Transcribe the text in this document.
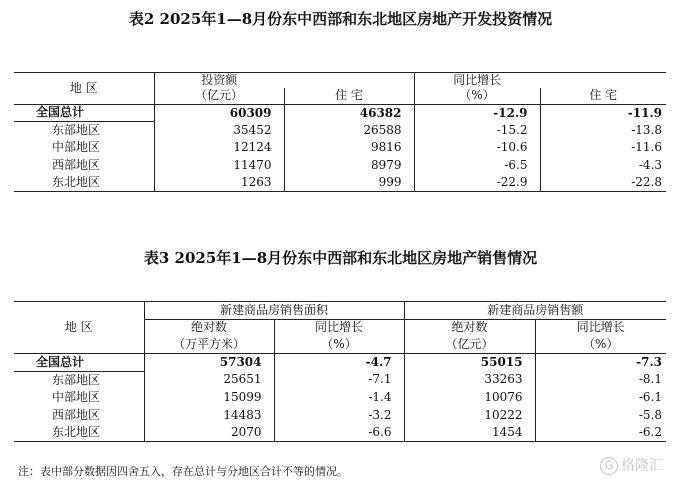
表2 2025年1—8月份东中西部和东北地区房地产开发投资情况
地 区	投资额		同比增长	
	（亿元）	住 宅	（%）	住 宅
全国总计	60309	46382	-12.9	-11.9
东部地区	35452	26588	-15.2	-13.8
中部地区	12124	9816	-10.6	-11.6
西部地区	11470	8979	-6.5	-4.3
东北地区	1263	999	-22.9	-22.8
表3 2025年1—8月份东中西部和东北地区房地产销售情况
地 区	新建商品房销售面积		新建商品房销售额	
	绝对数	同比增长	绝对数	同比增长
	（万平方米）	（%）	（亿元）	（%）
全国总计	57304	-4.7	55015	-7.3
东部地区	25651	-7.1	33263	-8.1
中部地区	15099	-1.4	10076	-6.1
西部地区	14483	-3.2	10222	-5.8
东北地区	2070	-6.6	1454	-6.2
注：表中部分数据因四舍五入，存在总计与分地区合计不等的情况。	G 格隆汇
